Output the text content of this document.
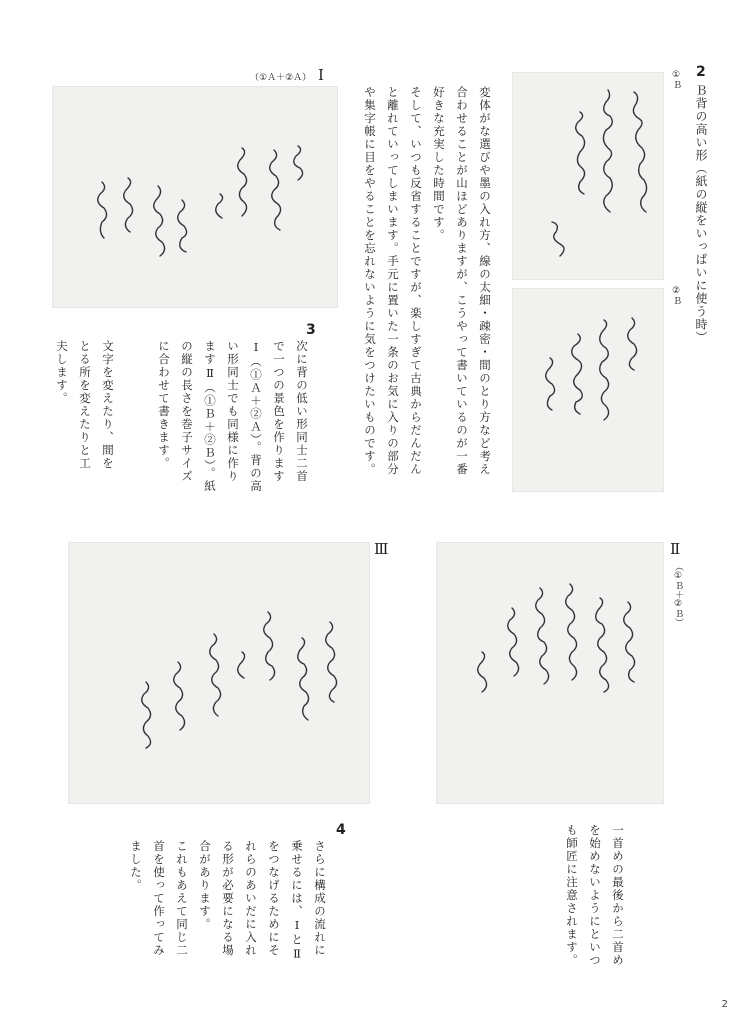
2
Ｂ背の高い形（紙の縦をいっぱいに使う時）
①Ｂ
②Ｂ
変体がな選びや墨の入れ方、線の太細・疎密・間のとり方など考え
合わせることが山ほどありますが、こうやって書いているのが一番
好きな充実した時間です。
そして、いつも反省することですが、楽しすぎて古典からだんだん
と離れていってしまいます。手元に置いた一条のお気に入りの部分
や集字帳に目をやることを忘れないように気をつけたいものです。
Ⅰ
（①Ａ＋②Ａ）
3
次に背の低い形同士二首
で一つの景色を作ります
Ⅰ（①Ａ＋②Ａ）。背の高
い形同士でも同様に作り
ますⅡ（①Ｂ＋②Ｂ）。紙
の縦の長さを巻子サイズ
に合わせて書きます。
文字を変えたり、間を
とる所を変えたりと工
夫します。
Ⅲ	Ⅱ
（①Ｂ＋②Ｂ）
一首めの最後から二首め
を始めないようにといつ
も師匠に注意されます。
4
さらに構成の流れに
乗せるには、ⅠとⅡ
をつなげるためにそ
れらのあいだに入れ
る形が必要になる場
合があります。
これもあえて同じ二
首を使って作ってみ
ました。
2
